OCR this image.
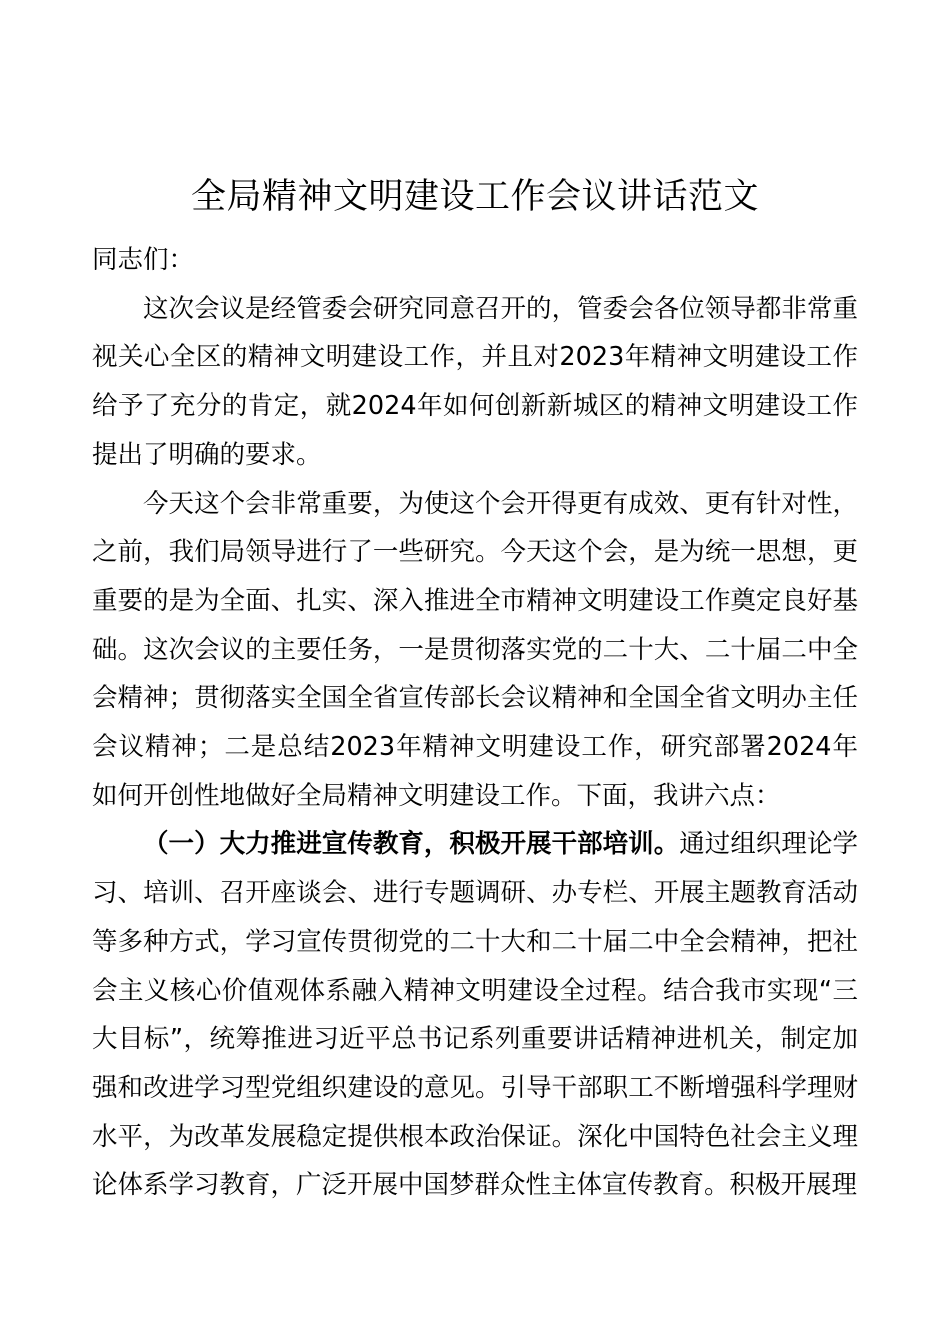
全局精神文明建设工作会议讲话范文

同志们：

这次会议是经管委会研究同意召开的，管委会各位领导都非常重视关心全区的精神文明建设工作，并且对2023年精神文明建设工作给予了充分的肯定，就2024年如何创新新城区的精神文明建设工作提出了明确的要求。

今天这个会非常重要，为使这个会开得更有成效、更有针对性，之前，我们局领导进行了一些研究。今天这个会，是为统一思想，更重要的是为全面、扎实、深入推进全市精神文明建设工作奠定良好基础。这次会议的主要任务，一是贯彻落实党的二十大、二十届二中全会精神；贯彻落实全国全省宣传部长会议精神和全国全省文明办主任会议精神；二是总结2023年精神文明建设工作，研究部署2024年如何开创性地做好全局精神文明建设工作。下面，我讲六点：

（一）大力推进宣传教育，积极开展干部培训。通过组织理论学习、培训、召开座谈会、进行专题调研、办专栏、开展主题教育活动等多种方式，学习宣传贯彻党的二十大和二十届二中全会精神，把社会主义核心价值观体系融入精神文明建设全过程。结合我市实现“三大目标”，统筹推进习近平总书记系列重要讲话精神进机关，制定加强和改进学习型党组织建设的意见。引导干部职工不断增强科学理财水平，为改革发展稳定提供根本政治保证。深化中国特色社会主义理论体系学习教育，广泛开展中国梦群众性主体宣传教育。积极开展理
